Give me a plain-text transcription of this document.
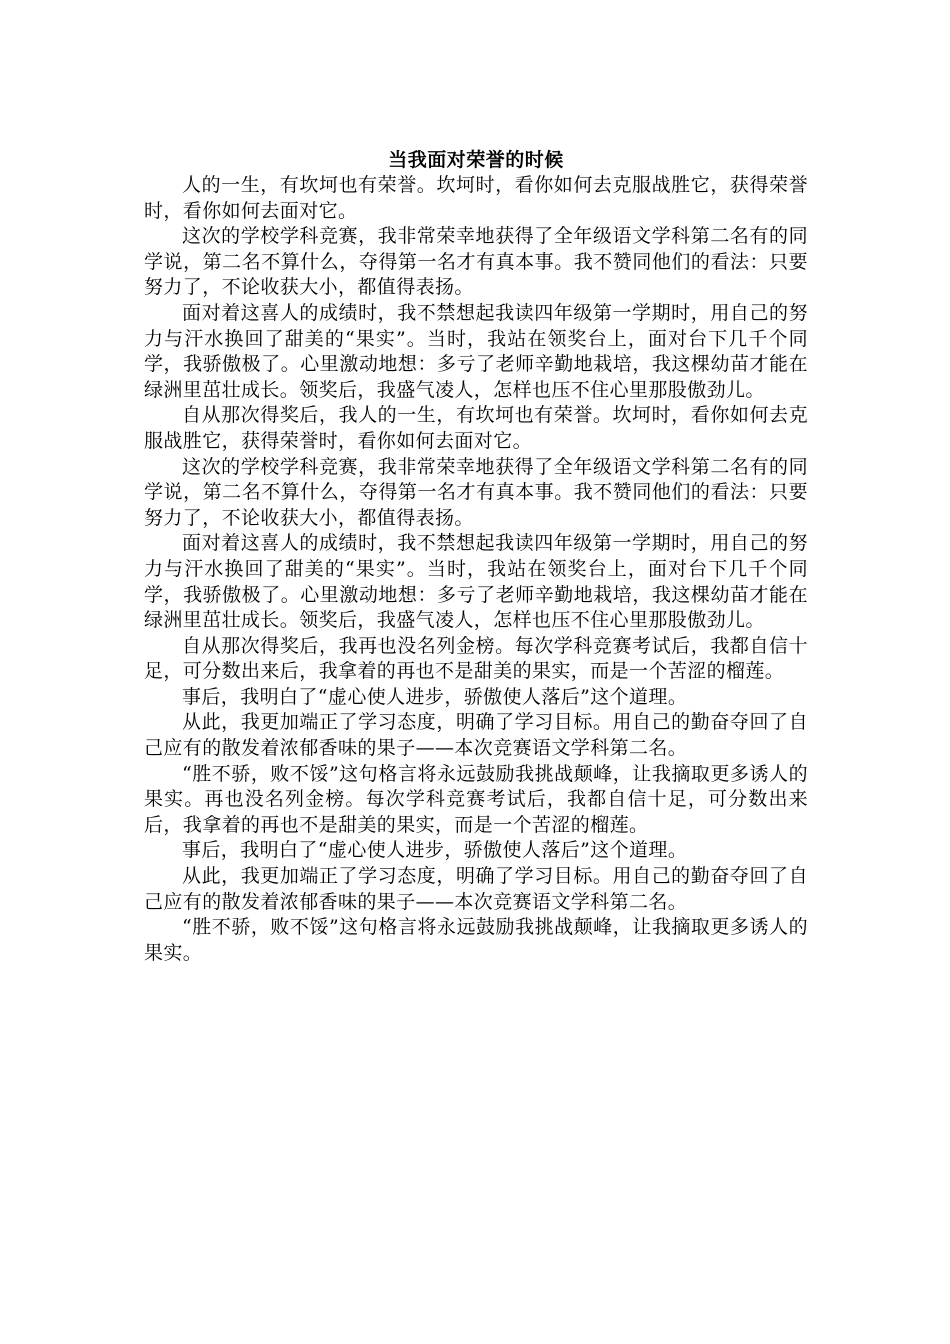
当我面对荣誉的时候

人的一生，有坎坷也有荣誉。坎坷时，看你如何去克服战胜它，获得荣誉时，看你如何去面对它。

这次的学校学科竞赛，我非常荣幸地获得了全年级语文学科第二名有的同学说，第二名不算什么，夺得第一名才有真本事。我不赞同他们的看法：只要努力了，不论收获大小，都值得表扬。

面对着这喜人的成绩时，我不禁想起我读四年级第一学期时，用自己的努力与汗水换回了甜美的“果实”。当时，我站在领奖台上，面对台下几千个同学，我骄傲极了。心里激动地想：多亏了老师辛勤地栽培，我这棵幼苗才能在绿洲里茁壮成长。领奖后，我盛气凌人，怎样也压不住心里那股傲劲儿。

自从那次得奖后，我人的一生，有坎坷也有荣誉。坎坷时，看你如何去克服战胜它，获得荣誉时，看你如何去面对它。

这次的学校学科竞赛，我非常荣幸地获得了全年级语文学科第二名有的同学说，第二名不算什么，夺得第一名才有真本事。我不赞同他们的看法：只要努力了，不论收获大小，都值得表扬。

面对着这喜人的成绩时，我不禁想起我读四年级第一学期时，用自己的努力与汗水换回了甜美的“果实”。当时，我站在领奖台上，面对台下几千个同学，我骄傲极了。心里激动地想：多亏了老师辛勤地栽培，我这棵幼苗才能在绿洲里茁壮成长。领奖后，我盛气凌人，怎样也压不住心里那股傲劲儿。

自从那次得奖后，我再也没名列金榜。每次学科竞赛考试后，我都自信十足，可分数出来后，我拿着的再也不是甜美的果实，而是一个苦涩的榴莲。

事后，我明白了“虚心使人进步，骄傲使人落后”这个道理。

从此，我更加端正了学习态度，明确了学习目标。用自己的勤奋夺回了自己应有的散发着浓郁香味的果子——本次竞赛语文学科第二名。

“胜不骄，败不馁”这句格言将永远鼓励我挑战颠峰，让我摘取更多诱人的果实。再也没名列金榜。每次学科竞赛考试后，我都自信十足，可分数出来后，我拿着的再也不是甜美的果实，而是一个苦涩的榴莲。

事后，我明白了“虚心使人进步，骄傲使人落后”这个道理。

从此，我更加端正了学习态度，明确了学习目标。用自己的勤奋夺回了自己应有的散发着浓郁香味的果子——本次竞赛语文学科第二名。

“胜不骄，败不馁”这句格言将永远鼓励我挑战颠峰，让我摘取更多诱人的果实。
